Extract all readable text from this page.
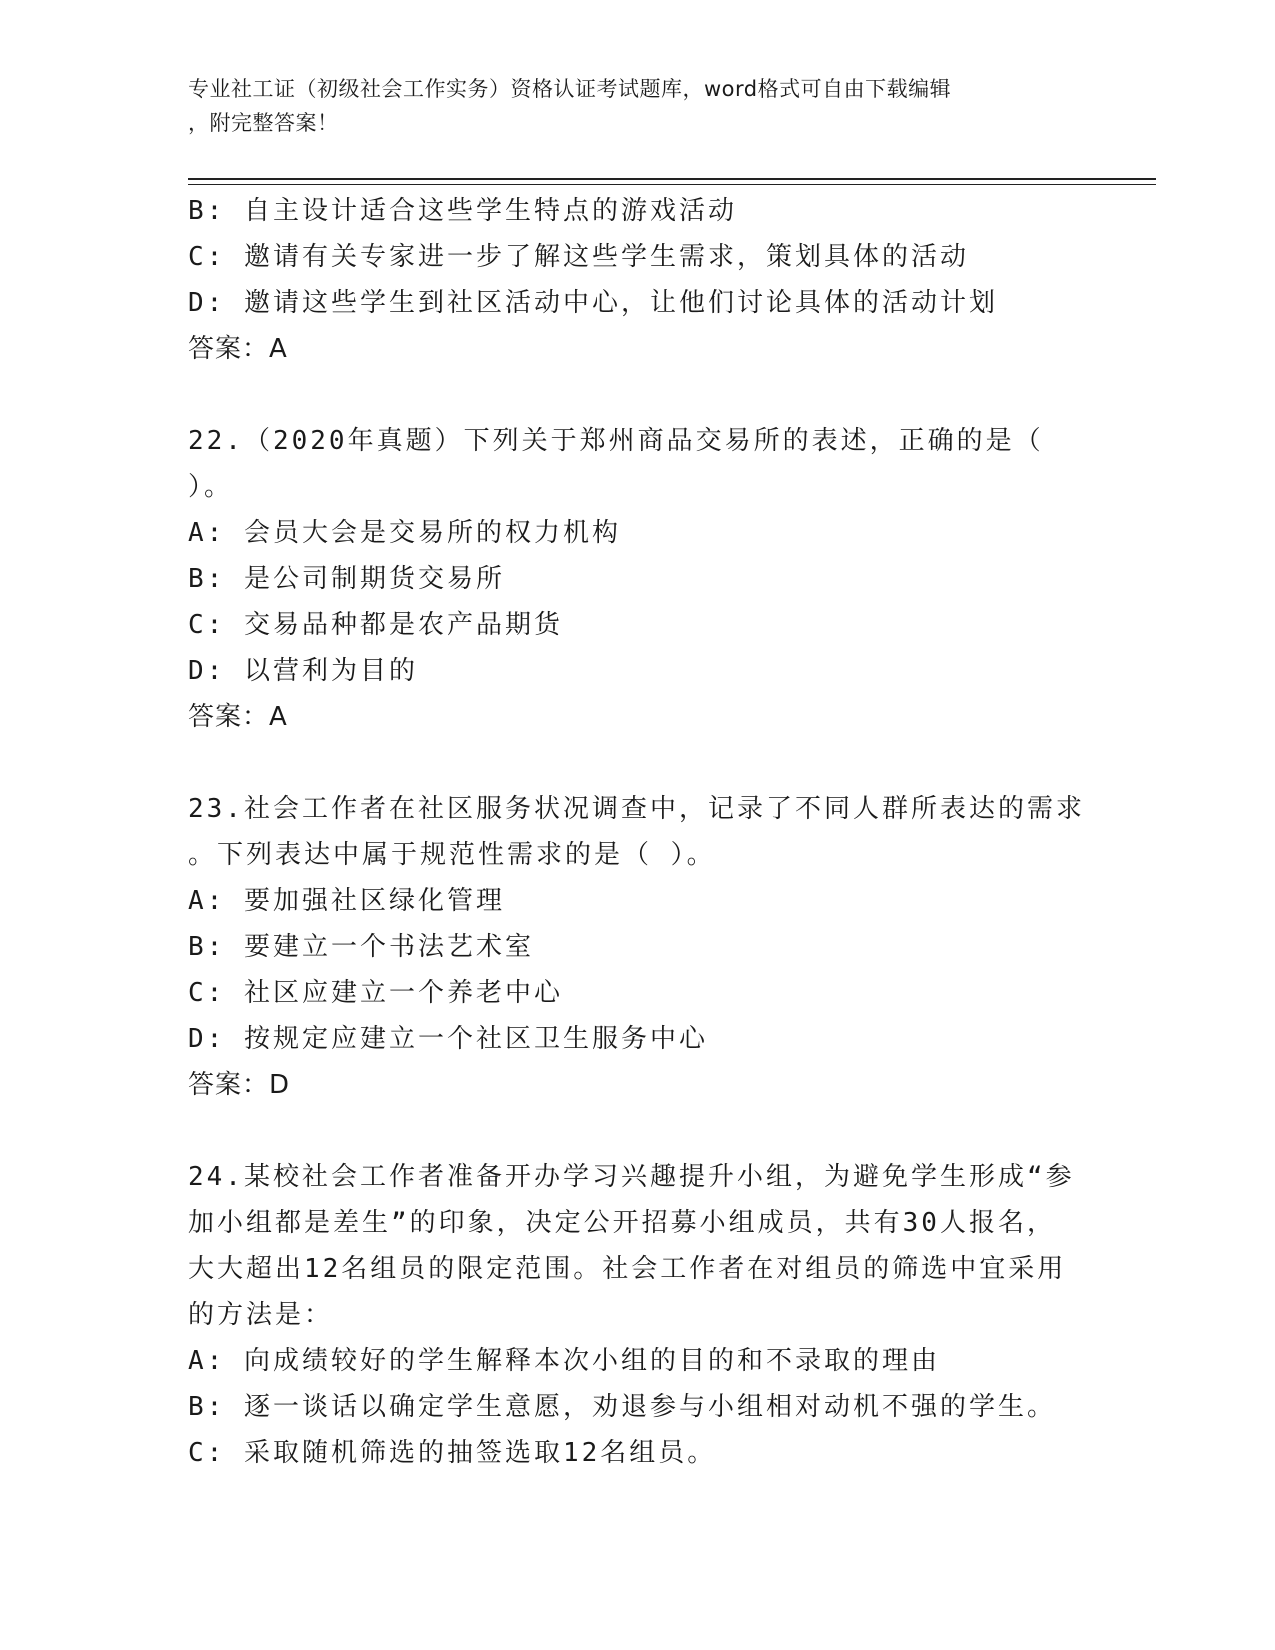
专业社工证（初级社会工作实务）资格认证考试题库，word格式可自由下载编辑
，附完整答案！
B: 自主设计适合这些学生特点的游戏活动
C: 邀请有关专家进一步了解这些学生需求，策划具体的活动
D: 邀请这些学生到社区活动中心，让他们讨论具体的活动计划
答案：A
22.（2020年真题）下列关于郑州商品交易所的表述，正确的是（
）。
A: 会员大会是交易所的权力机构
B: 是公司制期货交易所
C: 交易品种都是农产品期货
D: 以营利为目的
答案：A
23.社会工作者在社区服务状况调查中，记录了不同人群所表达的需求
。下列表达中属于规范性需求的是（ ）。
A: 要加强社区绿化管理
B: 要建立一个书法艺术室
C: 社区应建立一个养老中心
D: 按规定应建立一个社区卫生服务中心
答案：D
24.某校社会工作者准备开办学习兴趣提升小组，为避免学生形成“参
加小组都是差生”的印象，决定公开招募小组成员，共有30人报名，
大大超出12名组员的限定范围。社会工作者在对组员的筛选中宜采用
的方法是：
A: 向成绩较好的学生解释本次小组的目的和不录取的理由
B: 逐一谈话以确定学生意愿，劝退参与小组相对动机不强的学生。
C: 采取随机筛选的抽签选取12名组员。
